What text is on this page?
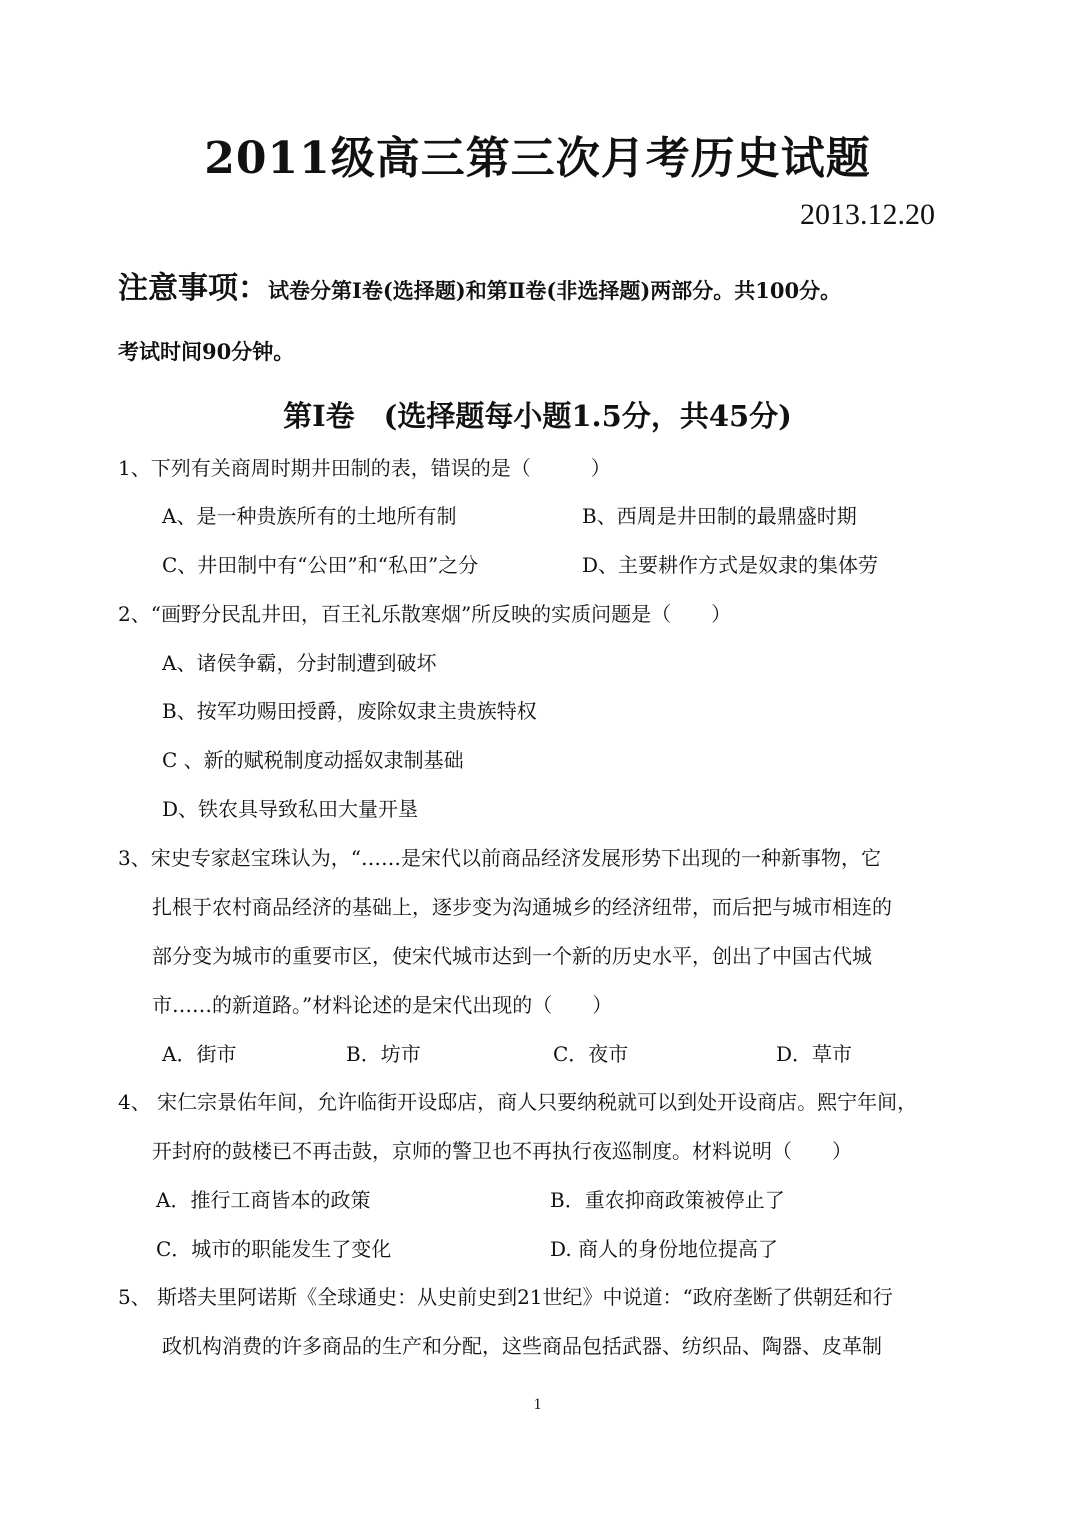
2011级高三第三次月考历史试题
2013.12.20
注意事项：试卷分第Ⅰ卷(选择题)和第Ⅱ卷(非选择题)两部分。共100分。
考试时间90分钟。
第Ⅰ卷　(选择题每小题1.5分，共45分)
1、下列有关商周时期井田制的表，错误的是（　　　）
A、是一种贵族所有的土地所有制	B、西周是井田制的最鼎盛时期
C、井田制中有“公田”和“私田”之分	D、主要耕作方式是奴隶的集体劳
2、“画野分民乱井田，百王礼乐散寒烟”所反映的实质问题是（　　）
A、诸侯争霸，分封制遭到破坏
B、按军功赐田授爵，废除奴隶主贵族特权
C 、新的赋税制度动摇奴隶制基础
D、铁农具导致私田大量开垦
3、宋史专家赵宝珠认为，“……是宋代以前商品经济发展形势下出现的一种新事物，它
扎根于农村商品经济的基础上，逐步变为沟通城乡的经济纽带，而后把与城市相连的
部分变为城市的重要市区，使宋代城市达到一个新的历史水平，创出了中国古代城
市……的新道路。”材料论述的是宋代出现的（　　）
A．街市	B．坊市	C．夜市	D．草市
4、 宋仁宗景佑年间，允许临街开设邸店，商人只要纳税就可以到处开设商店。熙宁年间，
开封府的鼓楼已不再击鼓，京师的警卫也不再执行夜巡制度。材料说明（　　）
A．推行工商皆本的政策	B．重农抑商政策被停止了
C．城市的职能发生了变化	D. 商人的身份地位提高了
5、 斯塔夫里阿诺斯《全球通史：从史前史到21世纪》中说道：“政府垄断了供朝廷和行
政机构消费的许多商品的生产和分配，这些商品包括武器、纺织品、陶器、皮革制
1
